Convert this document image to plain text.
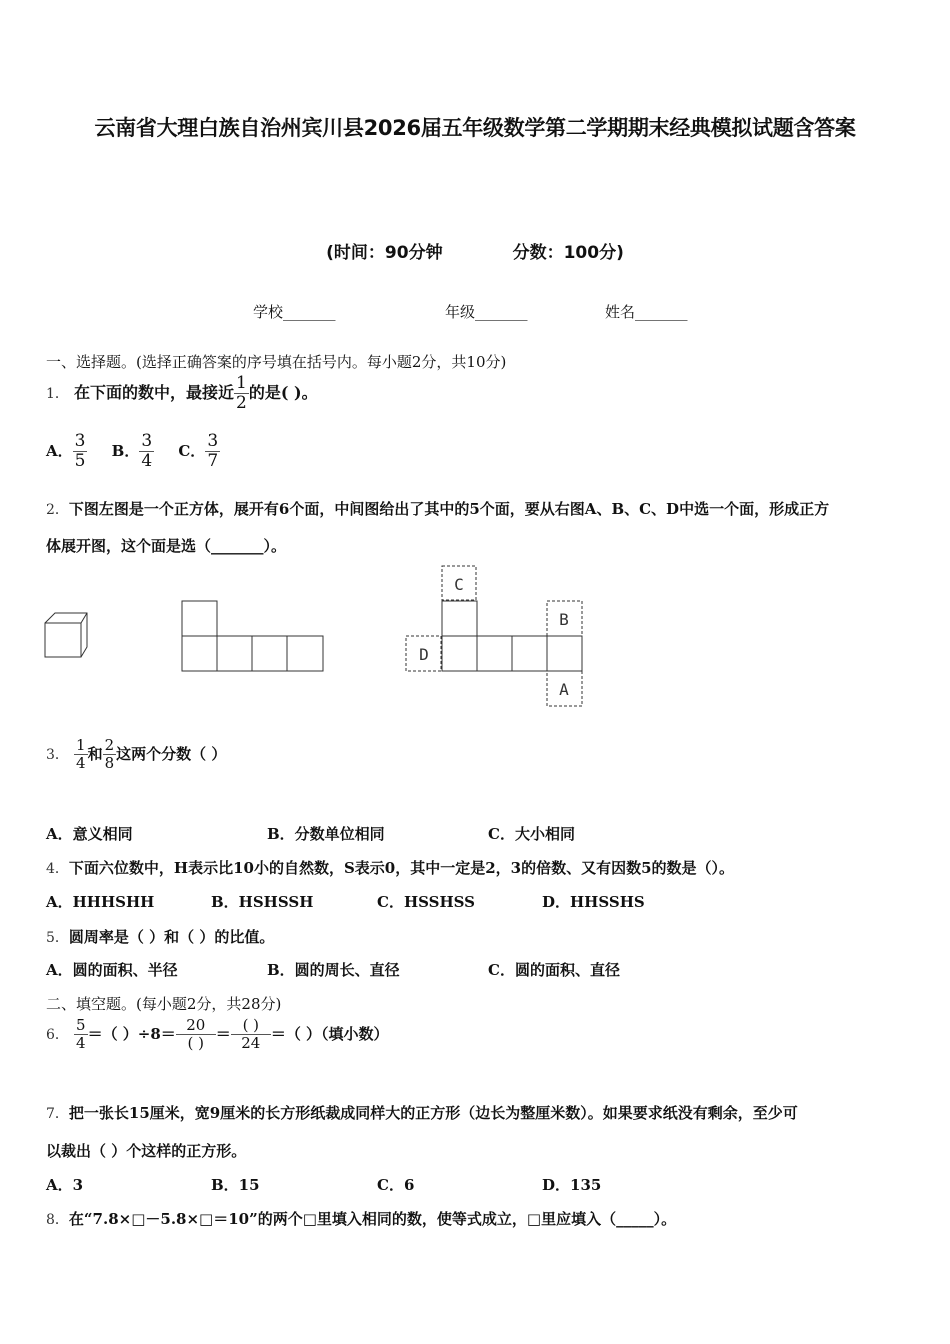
云南省大理白族自治州宾川县2026届五年级数学第二学期期末经典模拟试题含答案
(时间：90分钟	分数：100分)
学校_______	年级_______	姓名_______
一、选择题。(选择正确答案的序号填在括号内。每小题2分，共10分)
1． 在下面的数中，最接近 $\frac{1}{2}$ 的是( )。
A． $\frac{3}{5}$ B． $\frac{3}{4}$ C． $\frac{3}{7}$
2．下图左图是一个正方体，展开有6个面，中间图给出了其中的5个面，要从右图A、B、C、D中选一个面，形成正方
体展开图，这个面是选（_______）。
C
B
D
A
3． $\frac{1}{4}$ 和 $\frac{2}{8}$ 这两个分数（ ）
A．意义相同	B．分数单位相同	C．大小相同
4．下面六位数中，H表示比10小的自然数，S表示0，其中一定是2，3的倍数、又有因数5的数是（）。
A．HHHSHH	B．HSHSSH	C．HSSHSS	D．HHSSHS
5．圆周率是（ ）和（ ）的比值。
A．圆的面积、半径	B．圆的周长、直径	C．圆的面积、直径
二、填空题。(每小题2分，共28分)
6． $\frac{5}{4}$ ＝（ ）$\div 8= \frac{20}{( )} = \frac{( )}{24}$ ＝（ ）（填小数）
7．把一张长15厘米，宽9厘米的长方形纸裁成同样大的正方形（边长为整厘米数）。如果要求纸没有剩余，至少可
以裁出（ ）个这样的正方形。
A．3	B．15	C．6	D．135
8．在“7.8×□－5.8×□＝10”的两个□里填入相同的数，使等式成立，□里应填入（_____）。
